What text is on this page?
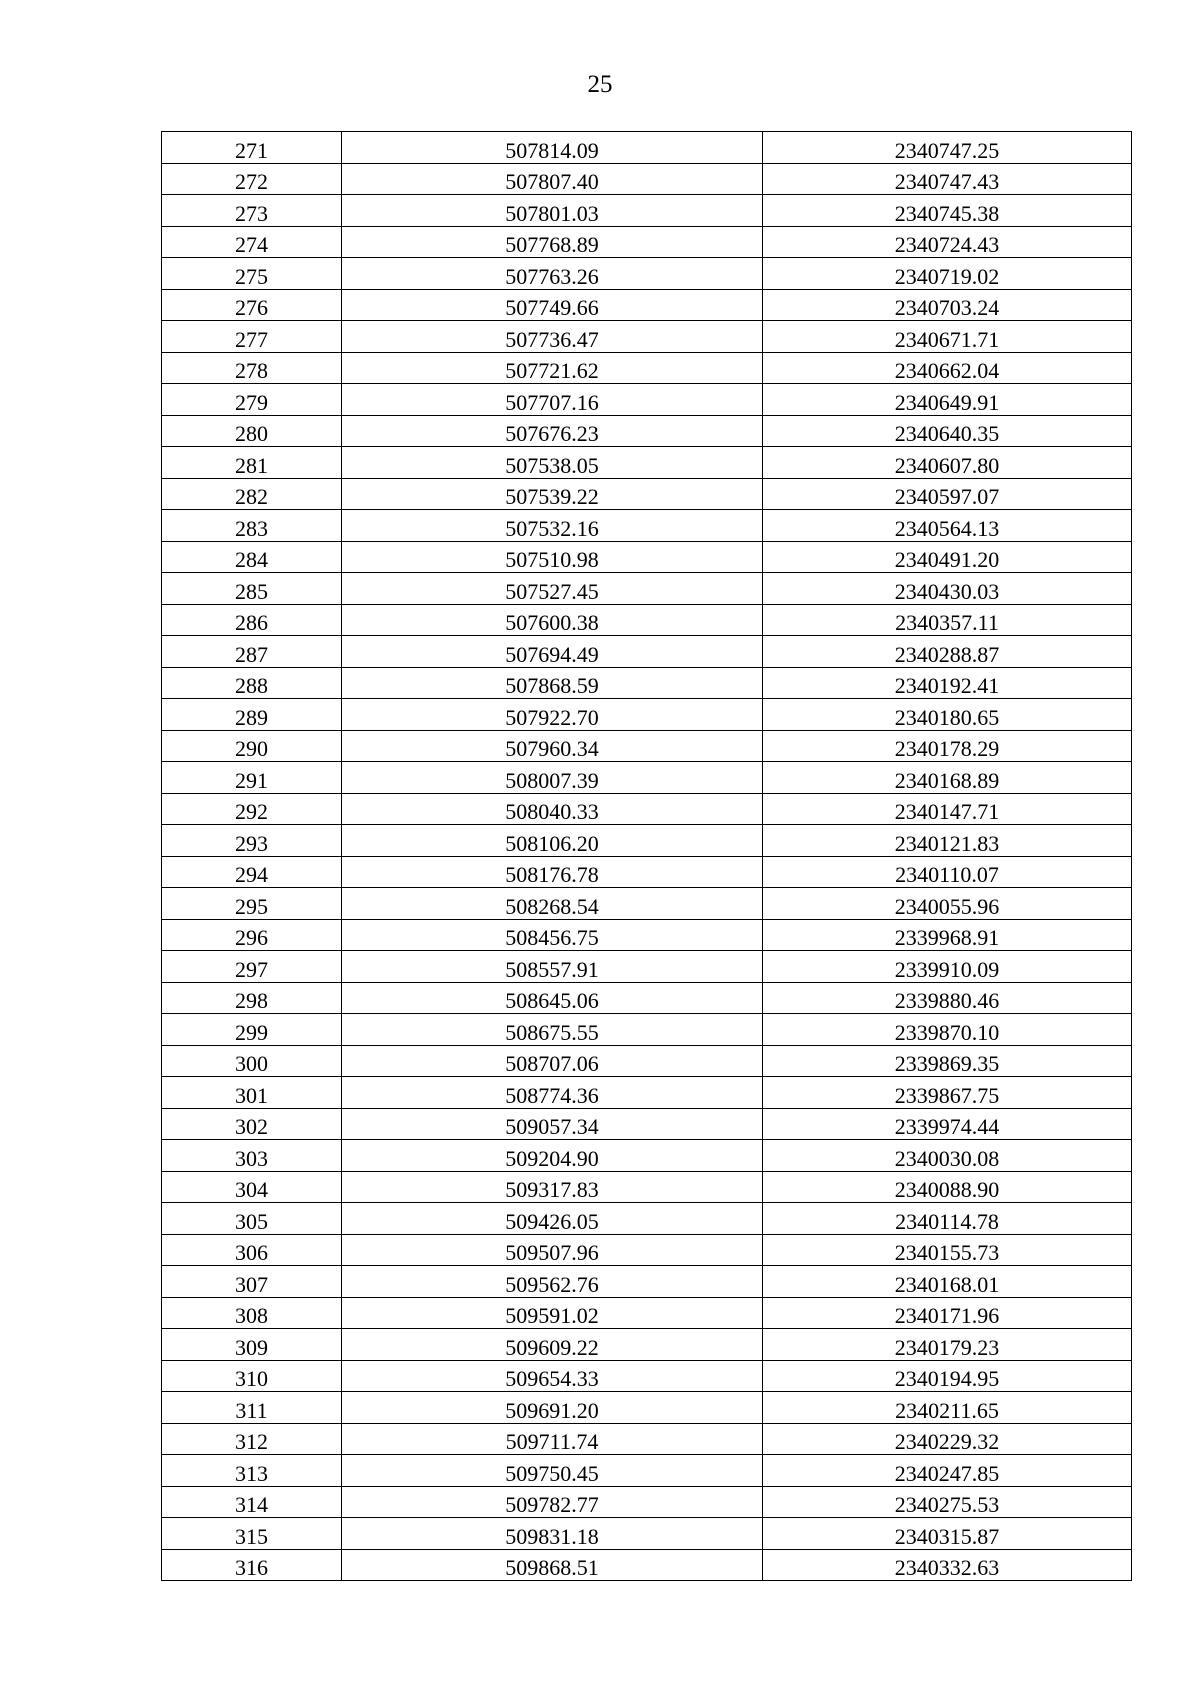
25
271	507814.09	2340747.25
272	507807.40	2340747.43
273	507801.03	2340745.38
274	507768.89	2340724.43
275	507763.26	2340719.02
276	507749.66	2340703.24
277	507736.47	2340671.71
278	507721.62	2340662.04
279	507707.16	2340649.91
280	507676.23	2340640.35
281	507538.05	2340607.80
282	507539.22	2340597.07
283	507532.16	2340564.13
284	507510.98	2340491.20
285	507527.45	2340430.03
286	507600.38	2340357.11
287	507694.49	2340288.87
288	507868.59	2340192.41
289	507922.70	2340180.65
290	507960.34	2340178.29
291	508007.39	2340168.89
292	508040.33	2340147.71
293	508106.20	2340121.83
294	508176.78	2340110.07
295	508268.54	2340055.96
296	508456.75	2339968.91
297	508557.91	2339910.09
298	508645.06	2339880.46
299	508675.55	2339870.10
300	508707.06	2339869.35
301	508774.36	2339867.75
302	509057.34	2339974.44
303	509204.90	2340030.08
304	509317.83	2340088.90
305	509426.05	2340114.78
306	509507.96	2340155.73
307	509562.76	2340168.01
308	509591.02	2340171.96
309	509609.22	2340179.23
310	509654.33	2340194.95
311	509691.20	2340211.65
312	509711.74	2340229.32
313	509750.45	2340247.85
314	509782.77	2340275.53
315	509831.18	2340315.87
316	509868.51	2340332.63
